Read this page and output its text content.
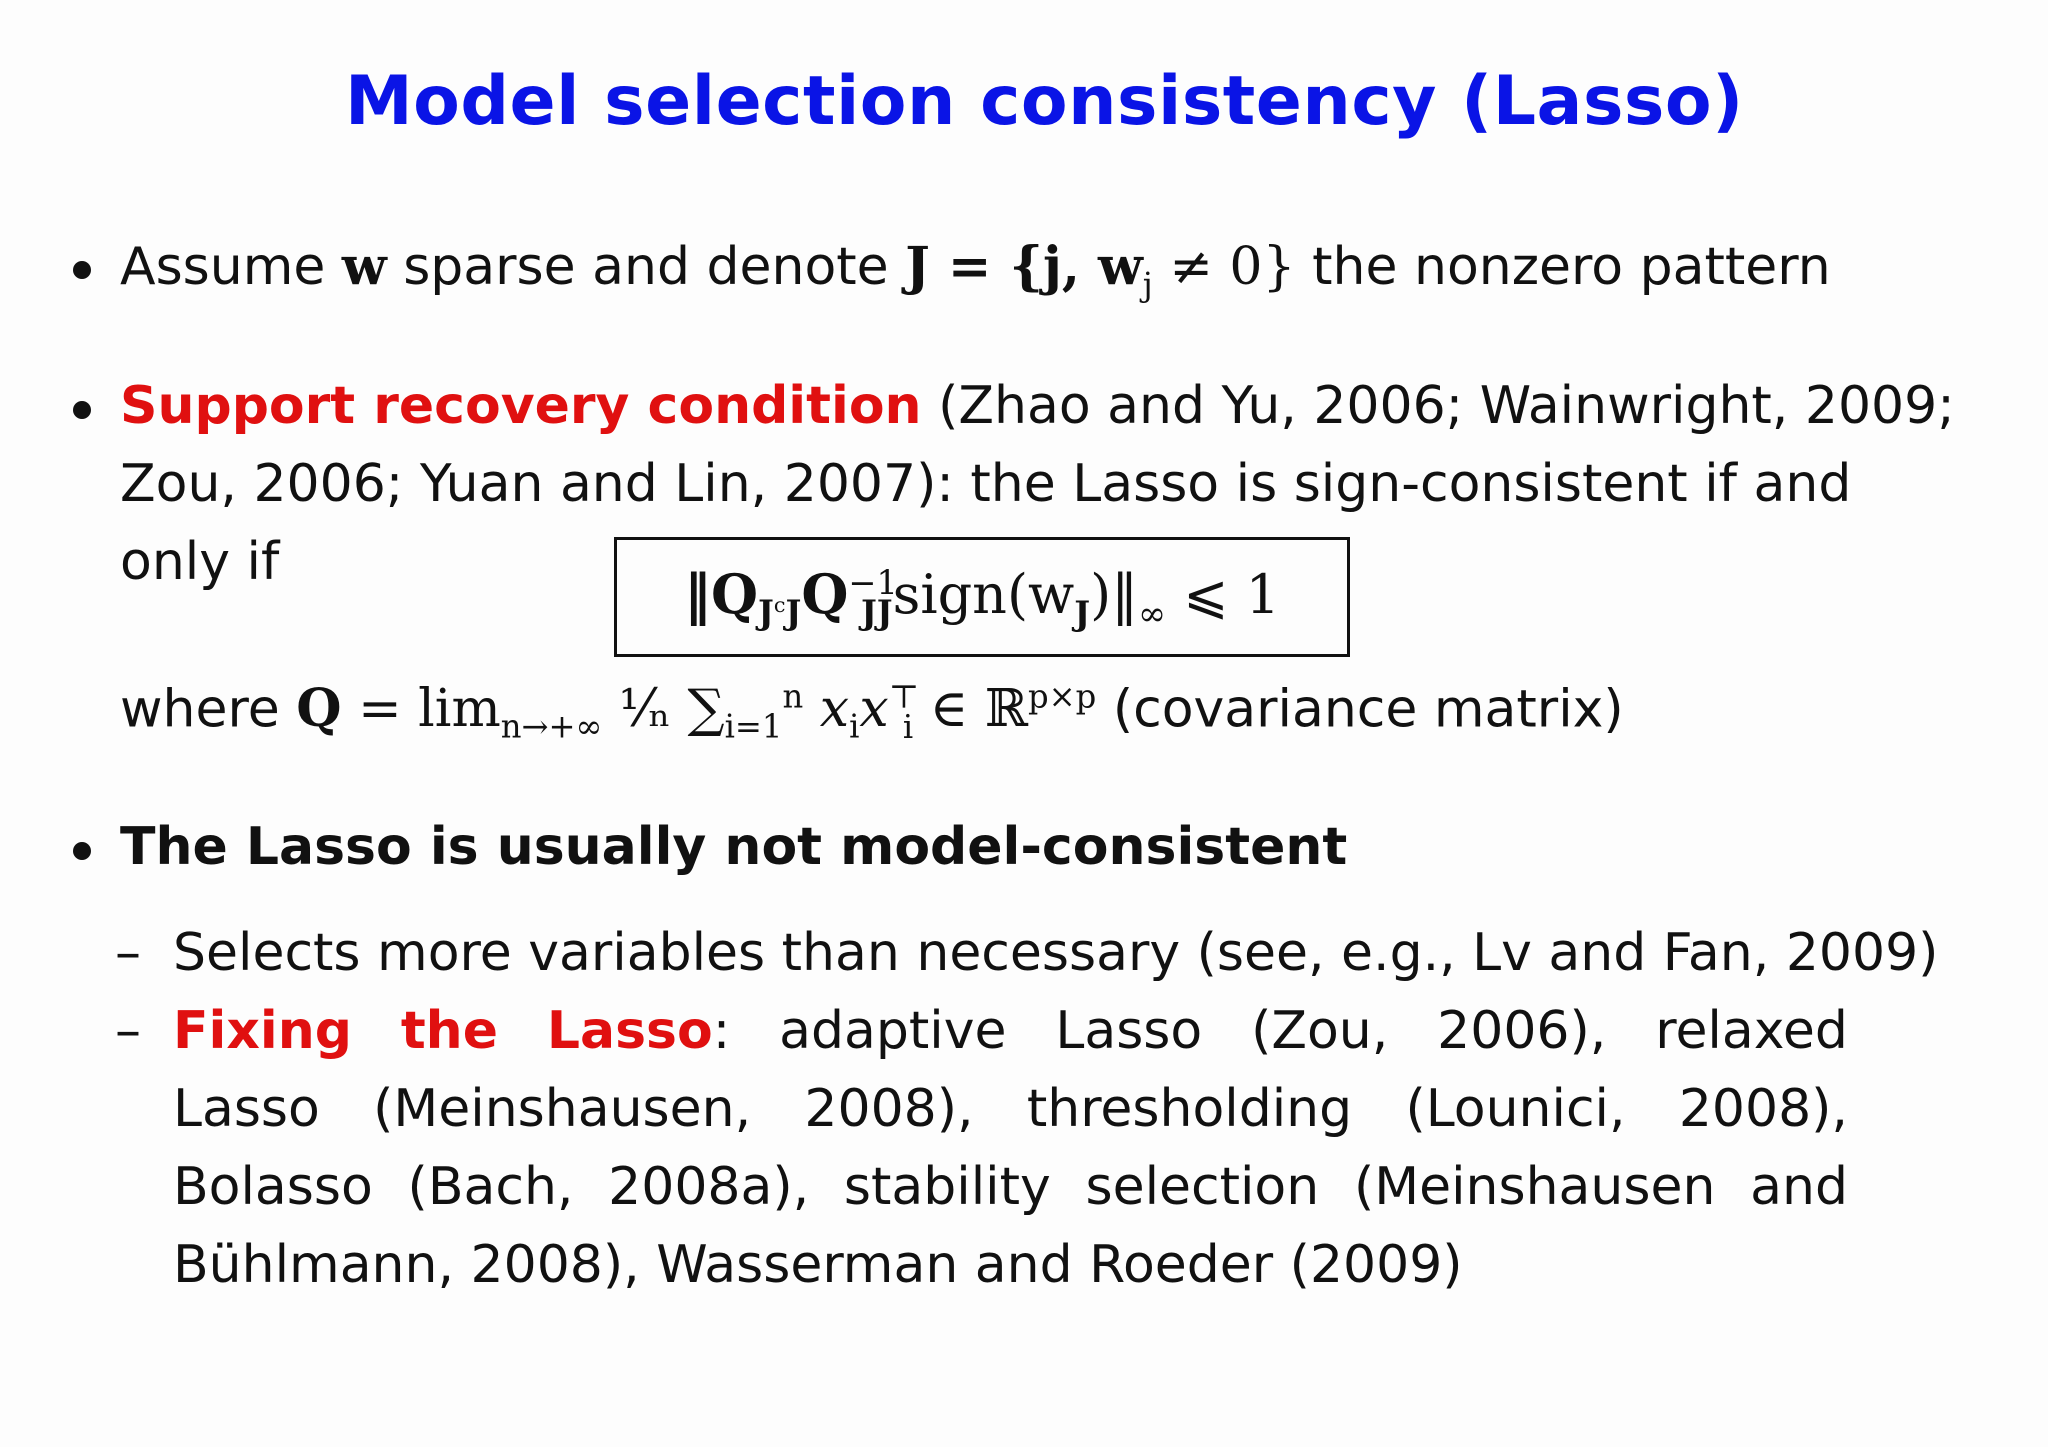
Model selection consistency (Lasso)
Assume w sparse and denote J = {j, $w_j \ne 0$} the nonzero pattern
Support recovery condition (Zhao and Yu, 2006; Wainwright, 2009;
Zou, 2006; Yuan and Lin, 2007): the Lasso is sign-consistent if and
only if	$‖Q_{J^cJ}Q^{-1}_{JJ}sign(w_J)‖_\infty$ ⩽ 1
where $Q = \lim_{n\to+\infty}$ ¹⁄ₙ $\sum_{i=1}^n$ $x_ix^⊤_i$ ∈ ℝ$^{p\times p}$ (covariance matrix)
The Lasso is usually not model-consistent
– Selects more variables than necessary (see, e.g., Lv and Fan, 2009)
– Fixing the Lasso: adaptive Lasso (Zou, 2006), relaxed
Lasso (Meinshausen, 2008), thresholding (Lounici, 2008),
Bolasso (Bach, 2008a), stability selection (Meinshausen and
Bühlmann, 2008), Wasserman and Roeder (2009)
